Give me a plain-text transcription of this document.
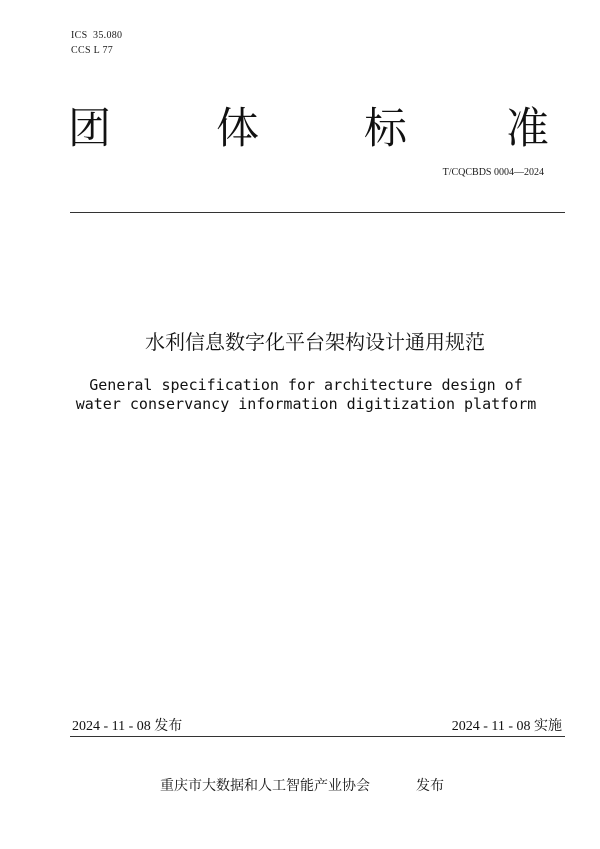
ICS  35.080
CCS L 77
团 体 标 准
T/CQCBDS 0004—2024
水利信息数字化平台架构设计通用规范
General specification for architecture design of
water conservancy information digitization platform
2024 - 11 - 08 发布	2024 - 11 - 08 实施
重庆市大数据和人工智能产业协会	发布
